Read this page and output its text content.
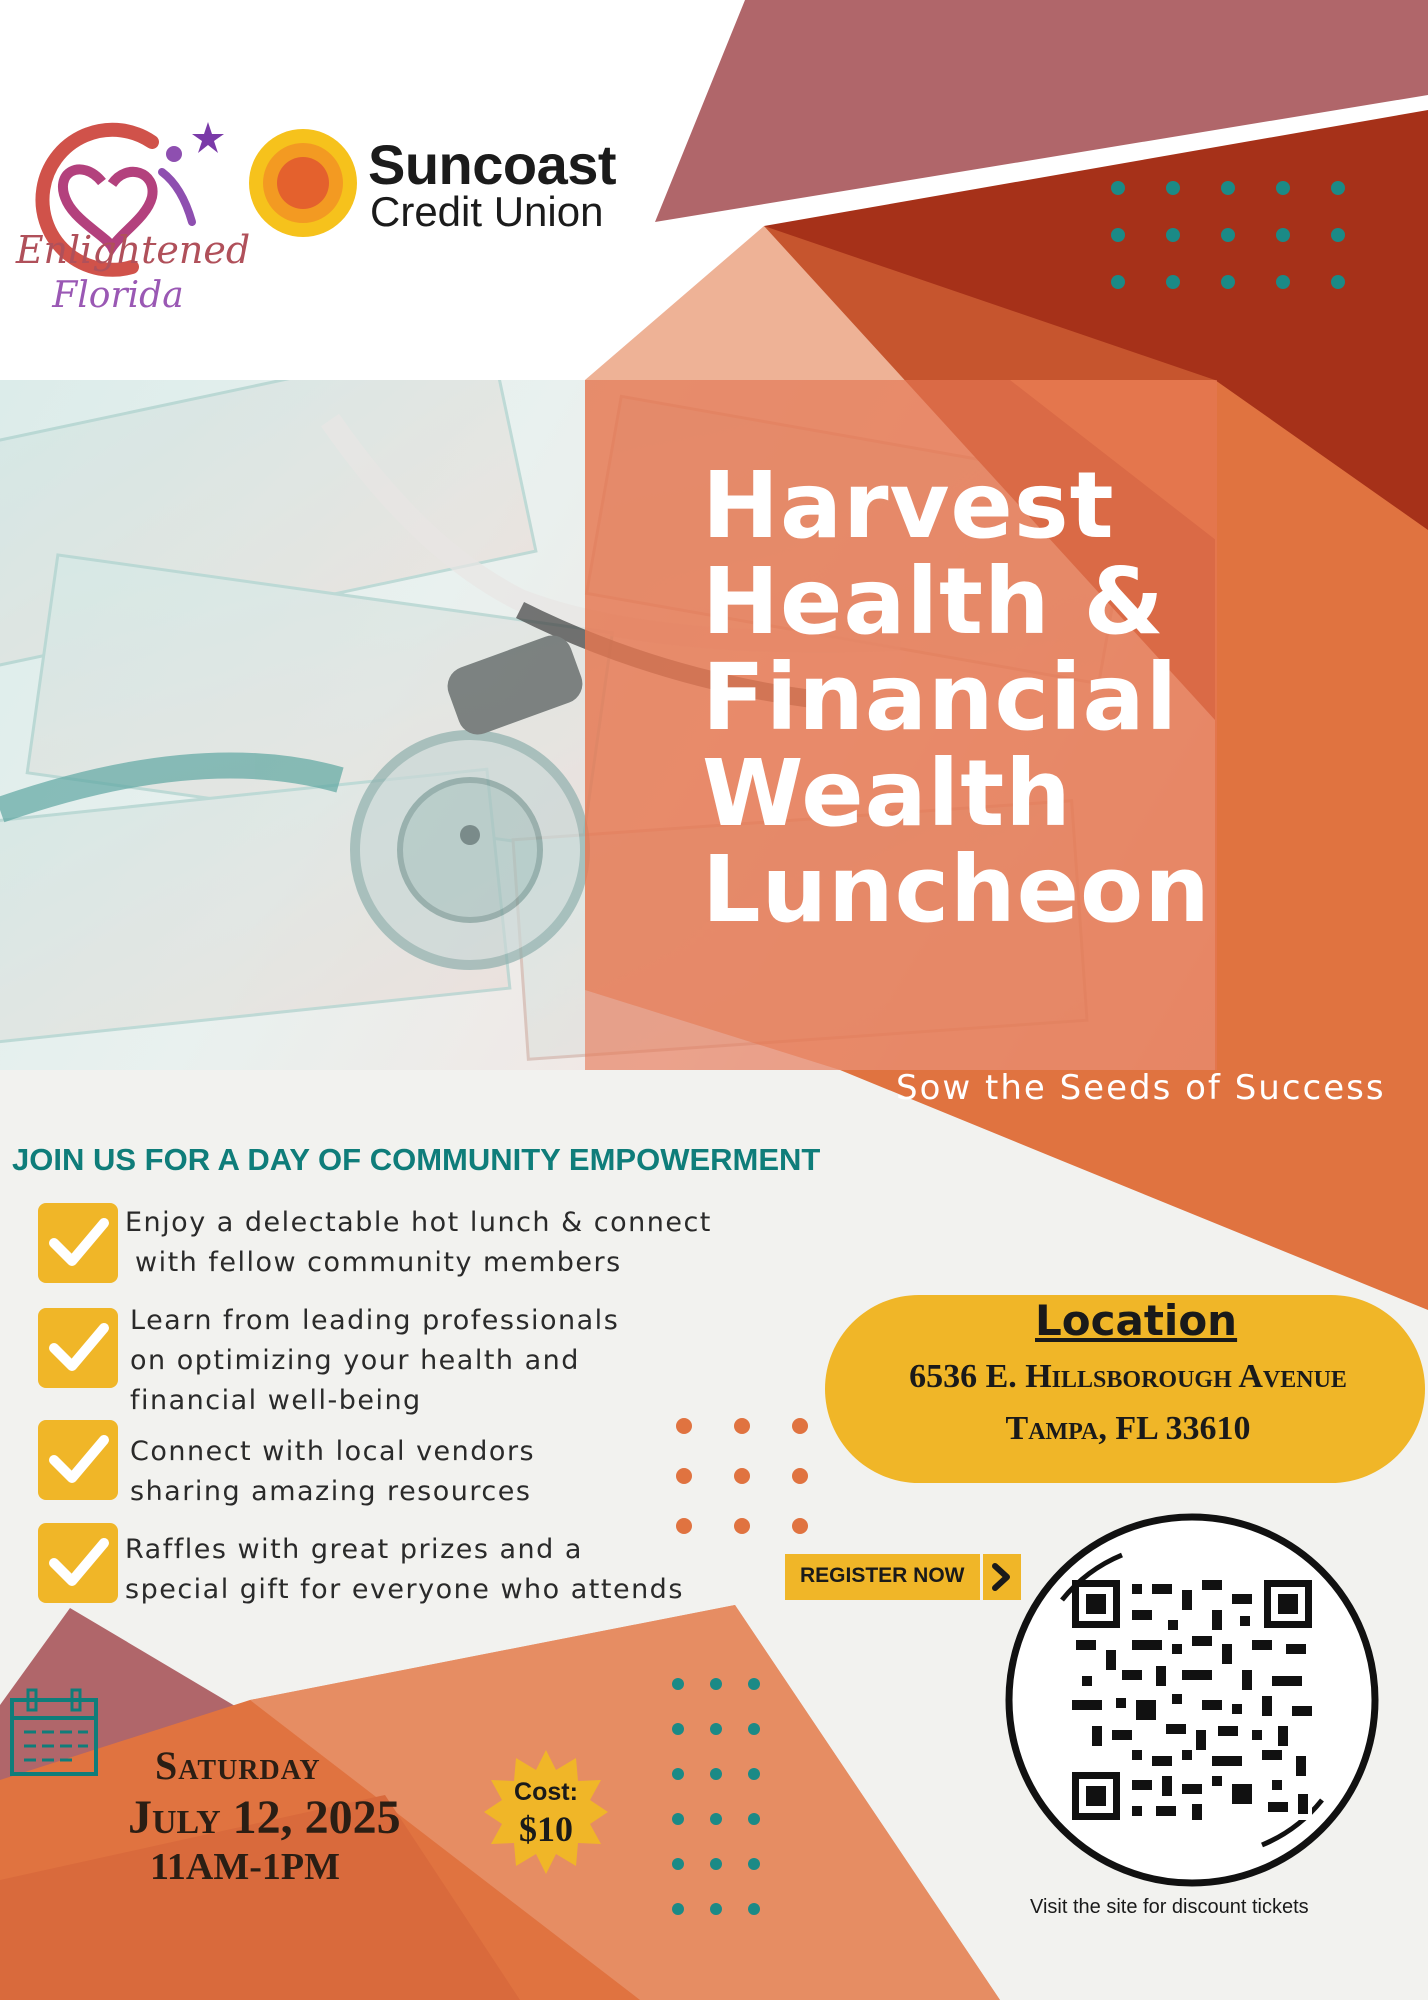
Enlightened
Florida
Suncoast
Credit Union
Harvest
Health &
Financial
Wealth
Luncheon
Sow the Seeds of Success
JOIN US FOR A DAY OF COMMUNITY EMPOWERMENT
Enjoy a delectable hot lunch & connect
with fellow community members
Learn from leading professionals
on optimizing your health and
financial well-being
Connect with local vendors
sharing amazing resources
Raffles with great prizes and a
special gift for everyone who attends
Location
6536 E. Hillsborough Avenue
Tampa, FL 33610
REGISTER NOW
Visit the site for discount tickets
Saturday
July 12, 2025
11AM-1PM
Cost:
$10
